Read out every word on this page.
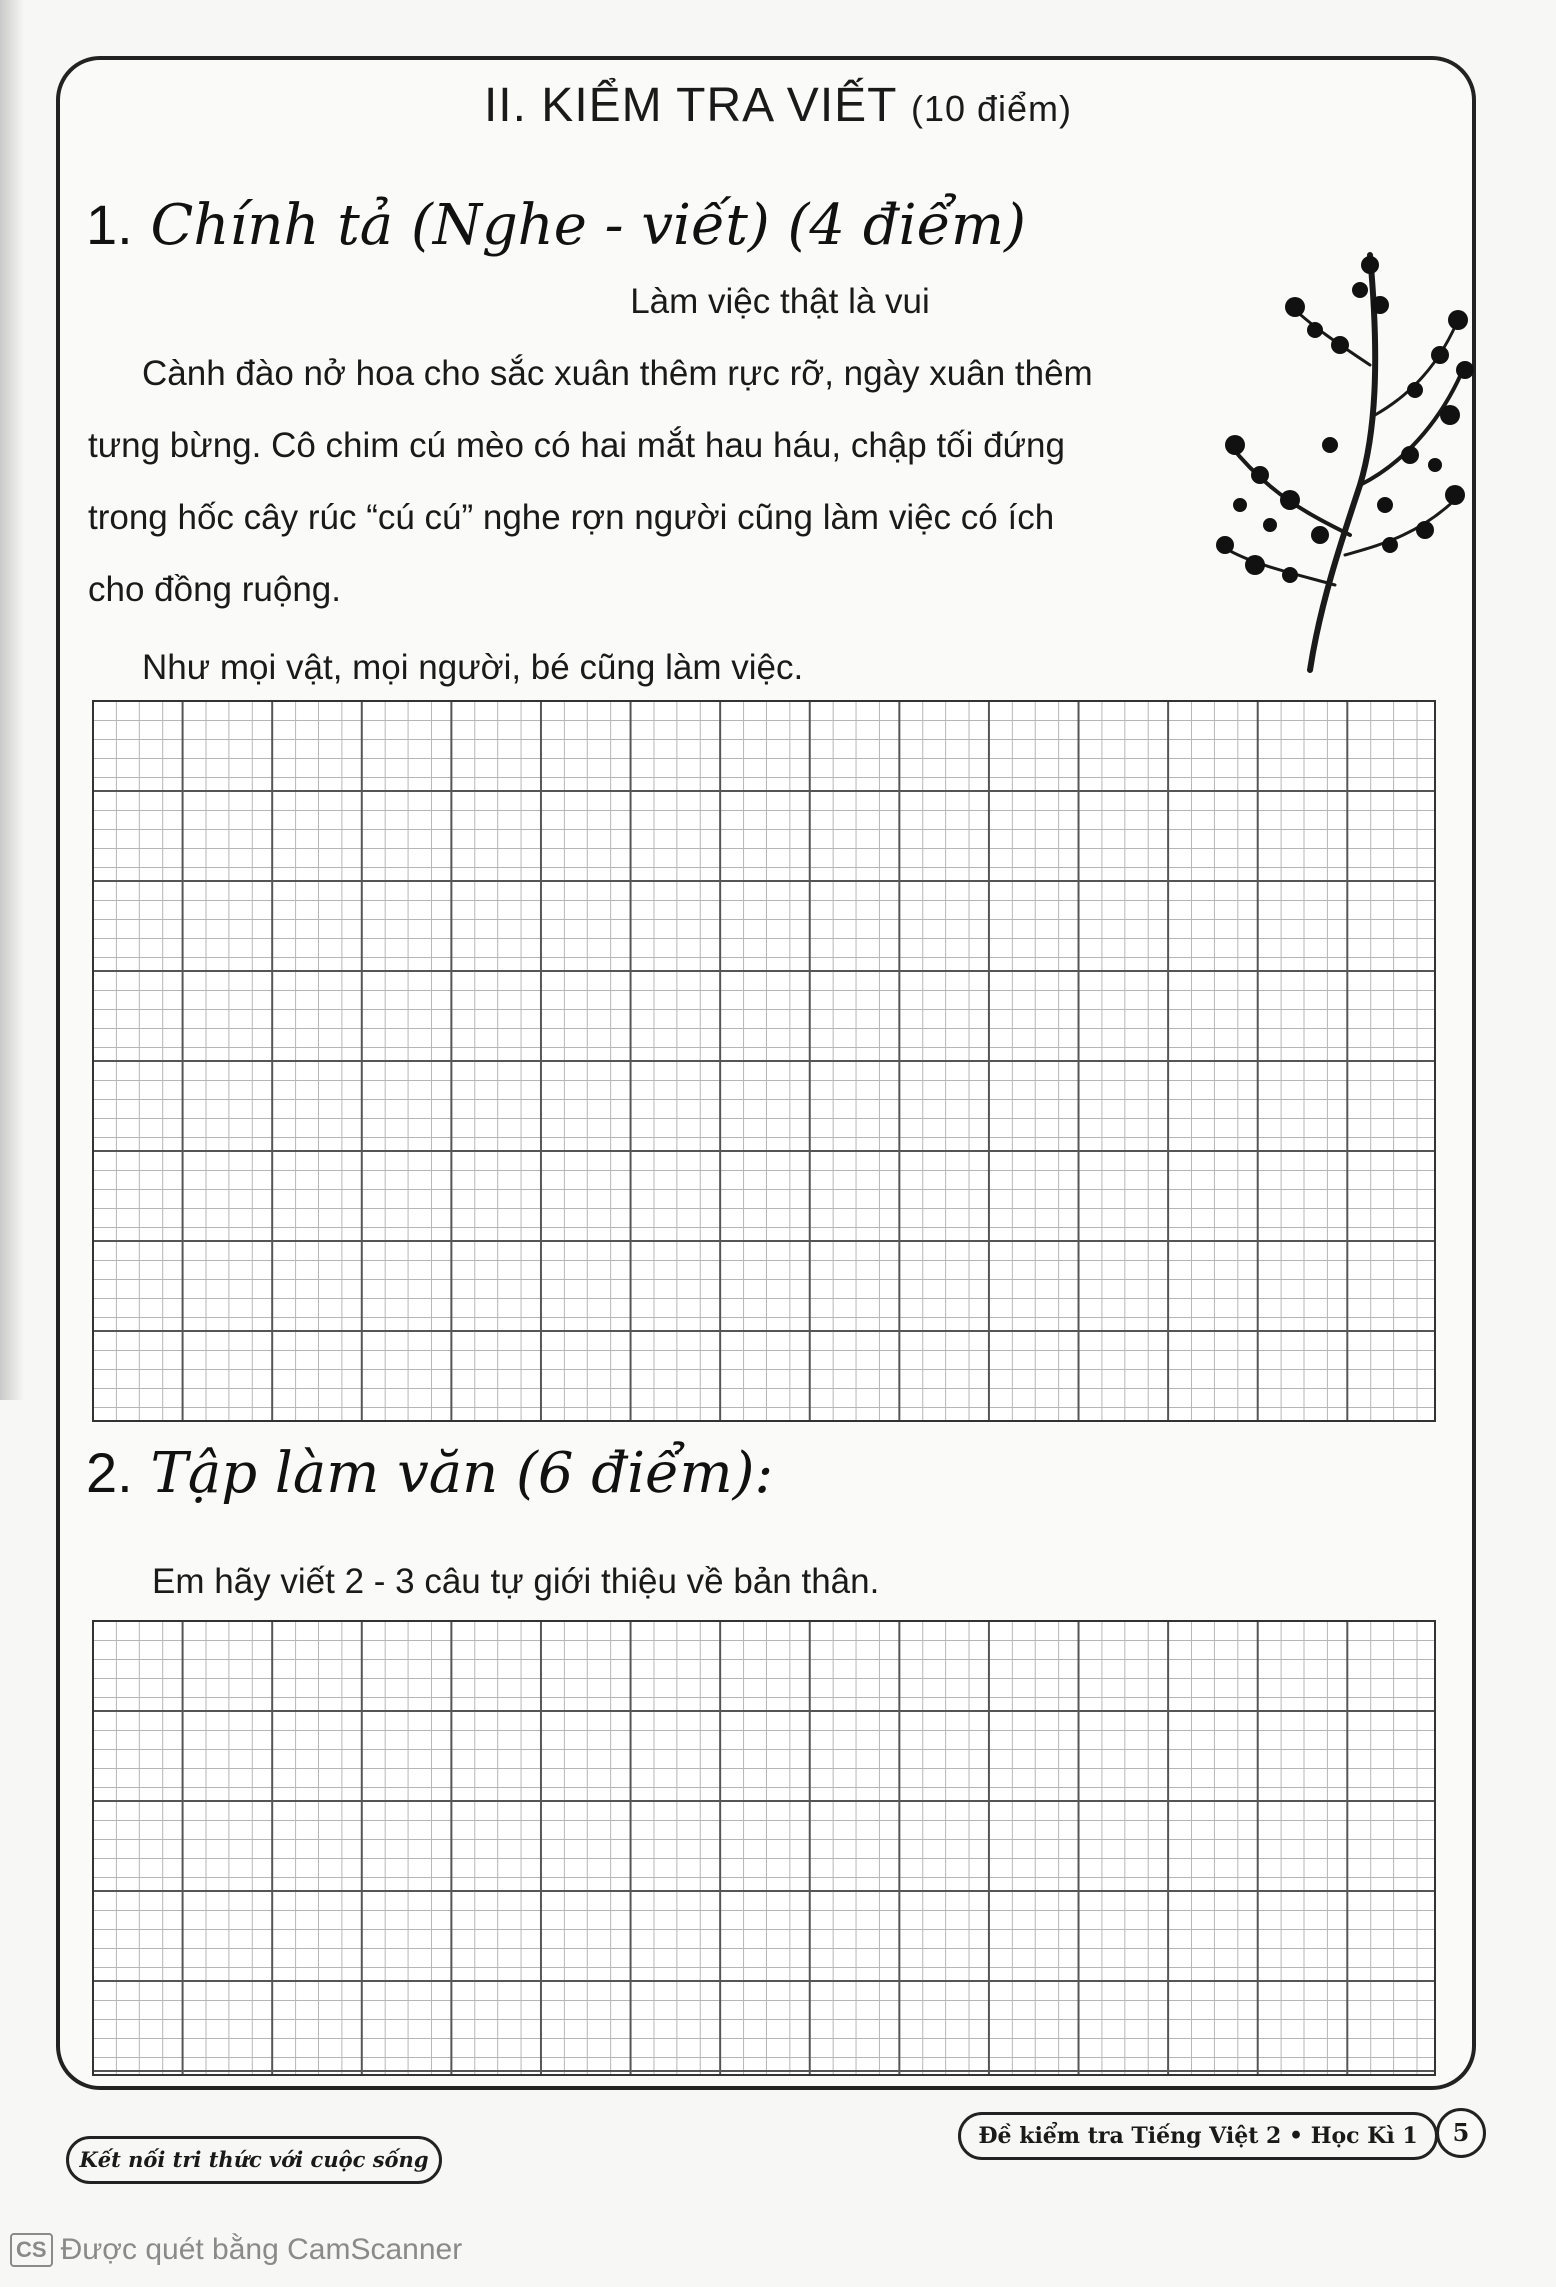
II. KIỂM TRA VIẾT (10 điểm)
1. Chính tả (Nghe - viết) (4 điểm)
Làm việc thật là vui
Cành đào nở hoa cho sắc xuân thêm rực rỡ, ngày xuân thêm
tưng bừng. Cô chim cú mèo có hai mắt hau háu, chập tối đứng
trong hốc cây rúc “cú cú” nghe rợn người cũng làm việc có ích
cho đồng ruộng.
Như mọi vật, mọi người, bé cũng làm việc.
2. Tập làm văn (6 điểm):
Em hãy viết 2 - 3 câu tự giới thiệu về bản thân.
Kết nối tri thức với cuộc sống
Đề kiểm tra Tiếng Việt 2 • Học Kì 1	5
CS Được quét bằng CamScanner
